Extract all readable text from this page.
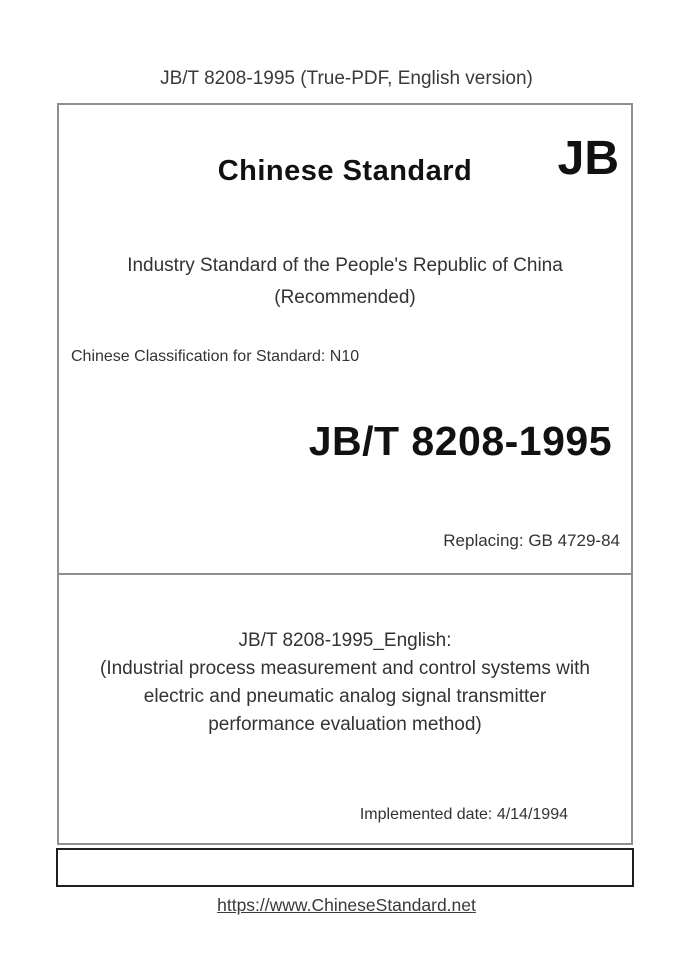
JB/T 8208-1995 (True-PDF, English version)
Chinese Standard	JB
Industry Standard of the People's Republic of China
(Recommended)
Chinese Classification for Standard: N10
JB/T 8208-1995
Replacing: GB 4729-84
JB/T 8208-1995_English:
(Industrial process measurement and control systems with
electric and pneumatic analog signal transmitter
performance evaluation method)
Implemented date: 4/14/1994
https://www.ChineseStandard.net
